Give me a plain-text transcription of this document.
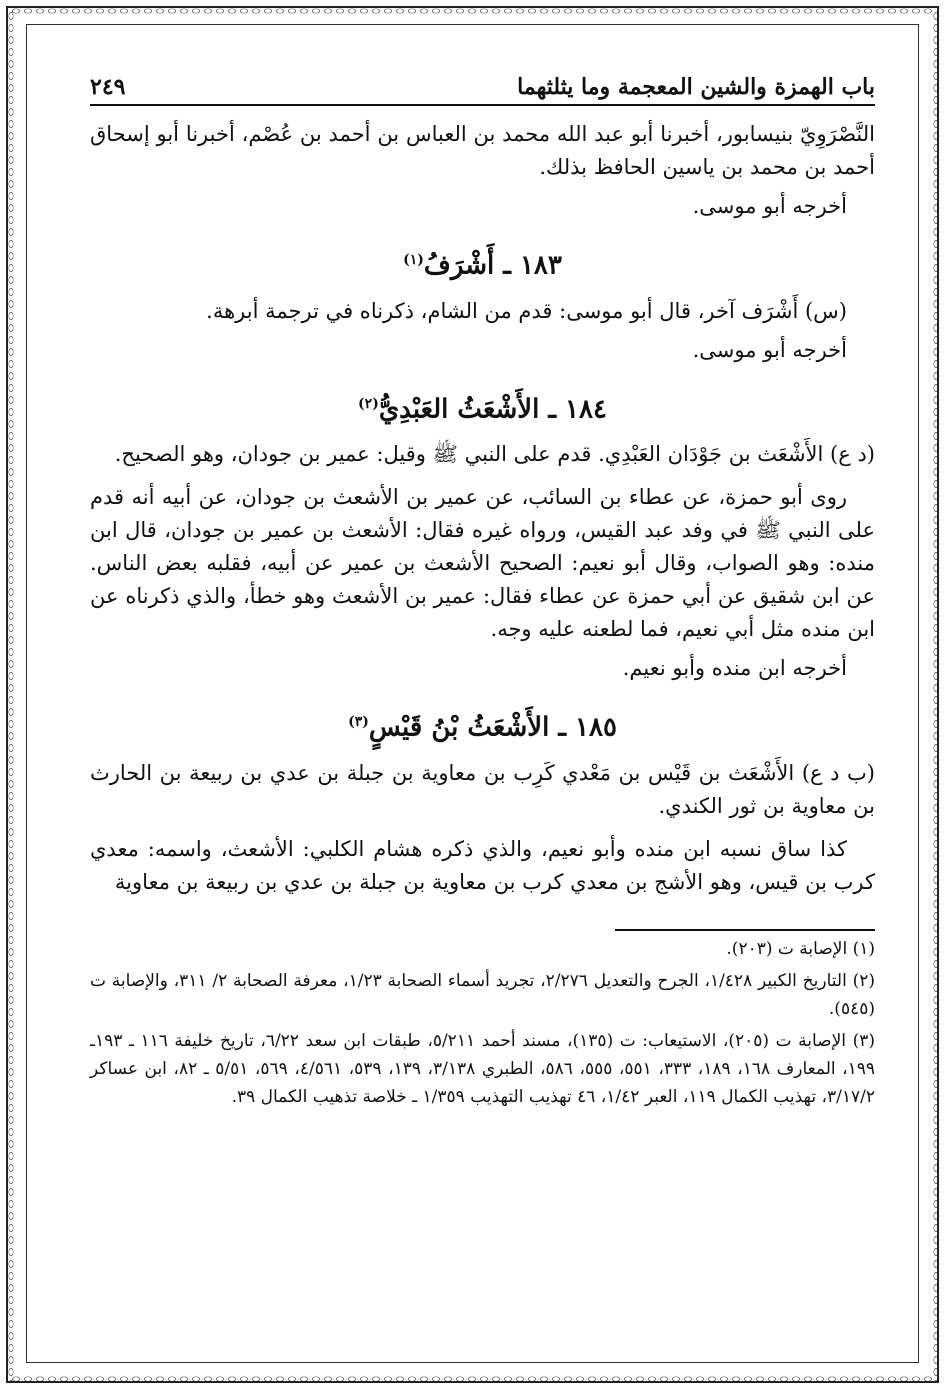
باب الهمزة والشين المعجمة وما يثلثهما
٢٤٩

النَّصْرَوِيّ بنيسابور، أخبرنا أبو عبد الله محمد بن العباس بن أحمد بن عُصْم، أخبرنا أبو إسحاق أحمد بن محمد بن ياسين الحافظ بذلك.

أخرجه أبو موسى.

١٨٣ ـ أَشْرَفُ$^{(١)}$

(س) أَشْرَف آخر، قال أبو موسى: قدم من الشام، ذكرناه في ترجمة أبرهة.

أخرجه أبو موسى.

١٨٤ ـ الأَشْعَثُ العَبْدِيُّ$^{(٢)}$

(د ع) الأَشْعَث بن جَوْدَان العَبْدِي. قدم على النبي ﷺ وقيل: عمير بن جودان، وهو الصحيح.

روى أبو حمزة، عن عطاء بن السائب، عن عمير بن الأشعث بن جودان، عن أبيه أنه قدم على النبي ﷺ في وفد عبد القيس، ورواه غيره فقال: الأشعث بن عمير بن جودان، قال ابن منده: وهو الصواب، وقال أبو نعيم: الصحيح الأشعث بن عمير عن أبيه، فقلبه بعض الناس. عن ابن شقيق عن أبي حمزة عن عطاء فقال: عمير بن الأشعث وهو خطأ، والذي ذكرناه عن ابن منده مثل أبي نعيم، فما لطعنه عليه وجه.

أخرجه ابن منده وأبو نعيم.

١٨٥ ـ الأَشْعَثُ بْنُ قَيْسٍ$^{(٣)}$

(ب د ع) الأَشْعَث بن قَيْس بن مَعْدي كَرِب بن معاوية بن جبلة بن عدي بن ربيعة بن الحارث بن معاوية بن ثور الكندي.

كذا ساق نسبه ابن منده وأبو نعيم، والذي ذكره هشام الكلبي: الأشعث، واسمه: معدي كرب بن قيس، وهو الأشج بن معدي كرب بن معاوية بن جبلة بن عدي بن ربيعة بن معاوية

(١) الإصابة ت (٢٠٣).

(٢) التاريخ الكبير ١/٤٢٨، الجرح والتعديل ٢/٢٧٦، تجريد أسماء الصحابة ١/٢٣، معرفة الصحابة ٢/ ٣١١، والإصابة ت (٥٤٥).

(٣) الإصابة ت (٢٠٥)، الاستيعاب: ت (١٣٥)، مسند أحمد ٥/٢١١، طبقات ابن سعد ٦/٢٢، تاريخ خليفة ١١٦ ـ ١٩٣ـ ١٩٩، المعارف ١٦٨، ١٨٩، ٣٣٣، ٥٥١، ٥٥٥، ٥٨٦، الطبري ٣/١٣٨، ١٣٩، ٥٣٩، ٤/٥٦١، ٥٦٩، ٥/٥١ ـ ٨٢، ابن عساكر ٣/١٧/٢، تهذيب الكمال ١١٩، العبر ١/٤٢، ٤٦ تهذيب التهذيب ١/٣٥٩ ـ خلاصة تذهيب الكمال ٣٩.
